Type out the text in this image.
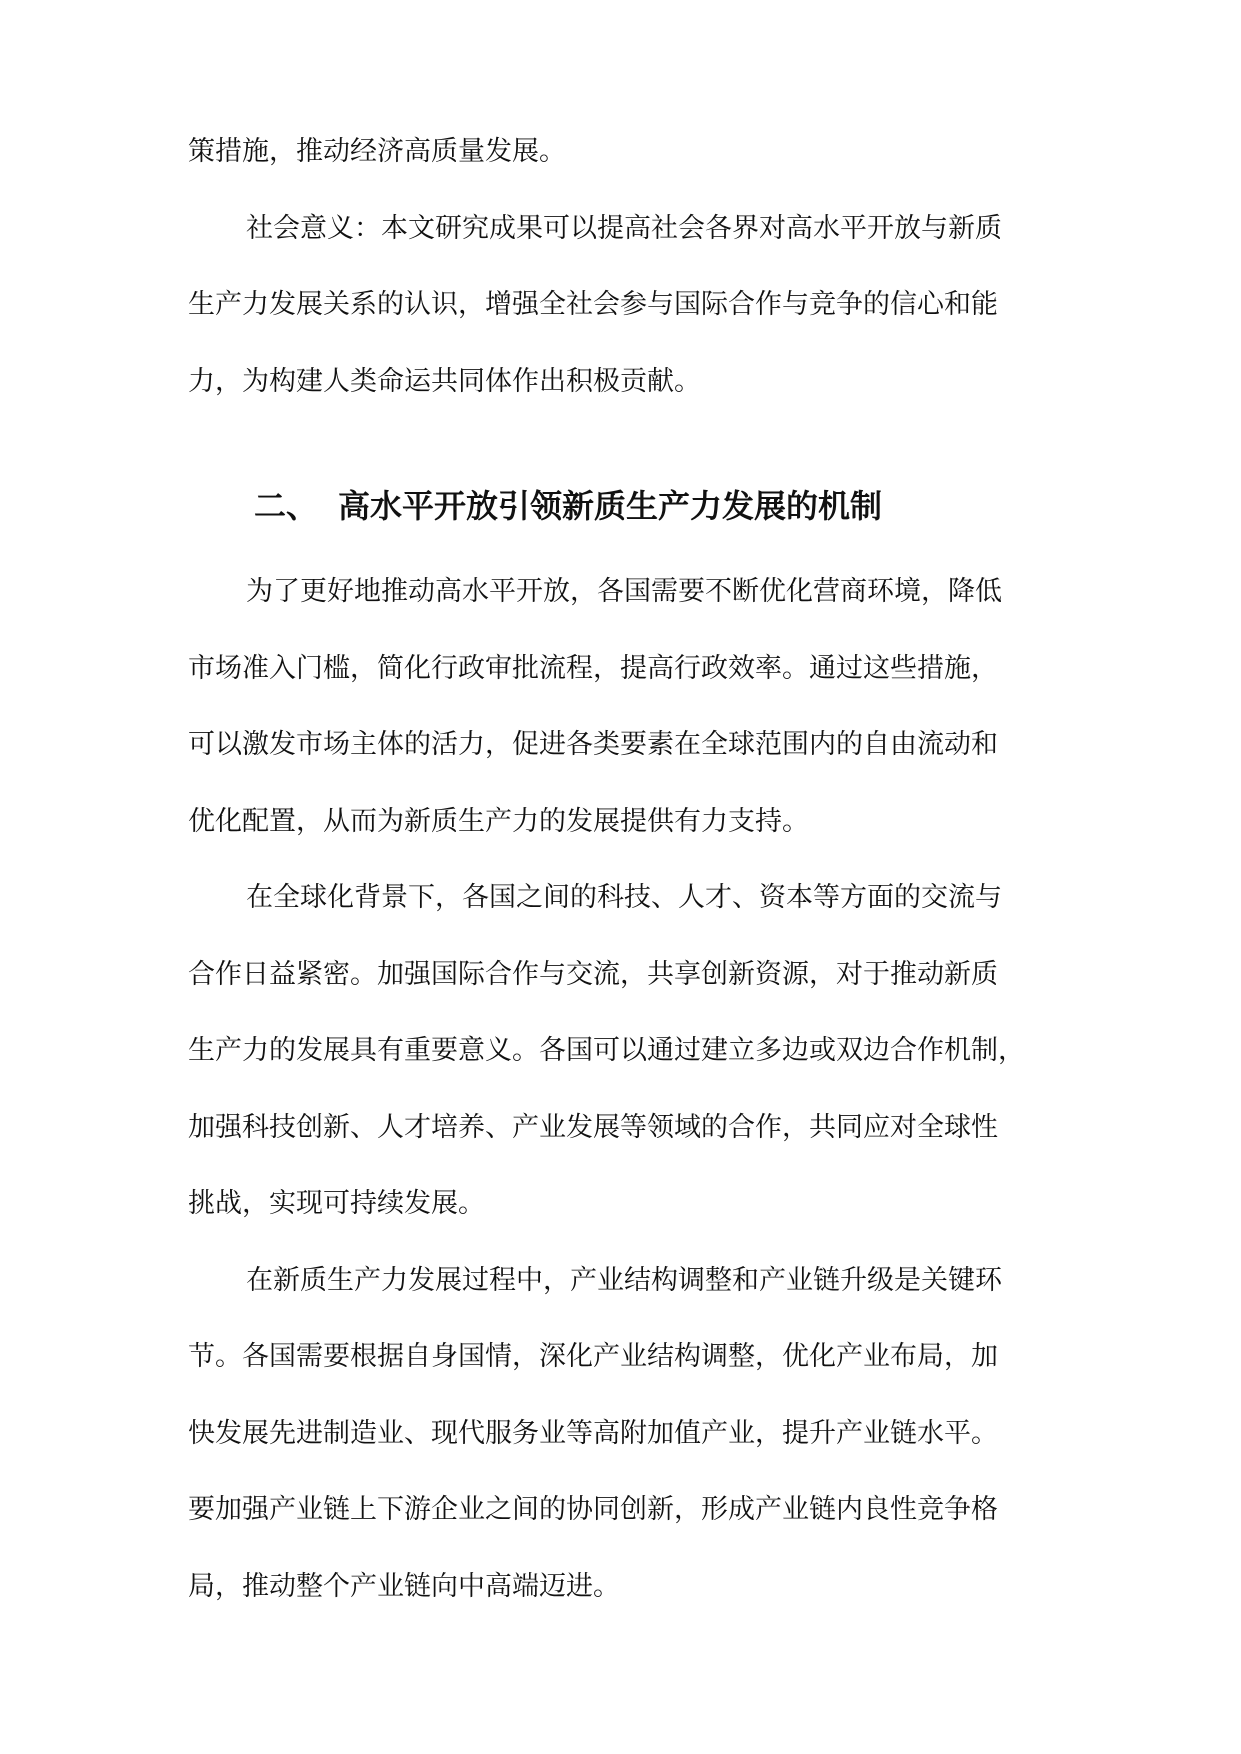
策措施，推动经济高质量发展。

社会意义：本文研究成果可以提高社会各界对高水平开放与新质

生产力发展关系的认识，增强全社会参与国际合作与竞争的信心和能

力，为构建人类命运共同体作出积极贡献。

二、 高水平开放引领新质生产力发展的机制

为了更好地推动高水平开放，各国需要不断优化营商环境，降低

市场准入门槛，简化行政审批流程，提高行政效率。通过这些措施，

可以激发市场主体的活力，促进各类要素在全球范围内的自由流动和

优化配置，从而为新质生产力的发展提供有力支持。

在全球化背景下，各国之间的科技、人才、资本等方面的交流与

合作日益紧密。加强国际合作与交流，共享创新资源，对于推动新质

生产力的发展具有重要意义。各国可以通过建立多边或双边合作机制，

加强科技创新、人才培养、产业发展等领域的合作，共同应对全球性

挑战，实现可持续发展。

在新质生产力发展过程中，产业结构调整和产业链升级是关键环

节。各国需要根据自身国情，深化产业结构调整，优化产业布局，加

快发展先进制造业、现代服务业等高附加值产业，提升产业链水平。

要加强产业链上下游企业之间的协同创新，形成产业链内良性竞争格

局，推动整个产业链向中高端迈进。
